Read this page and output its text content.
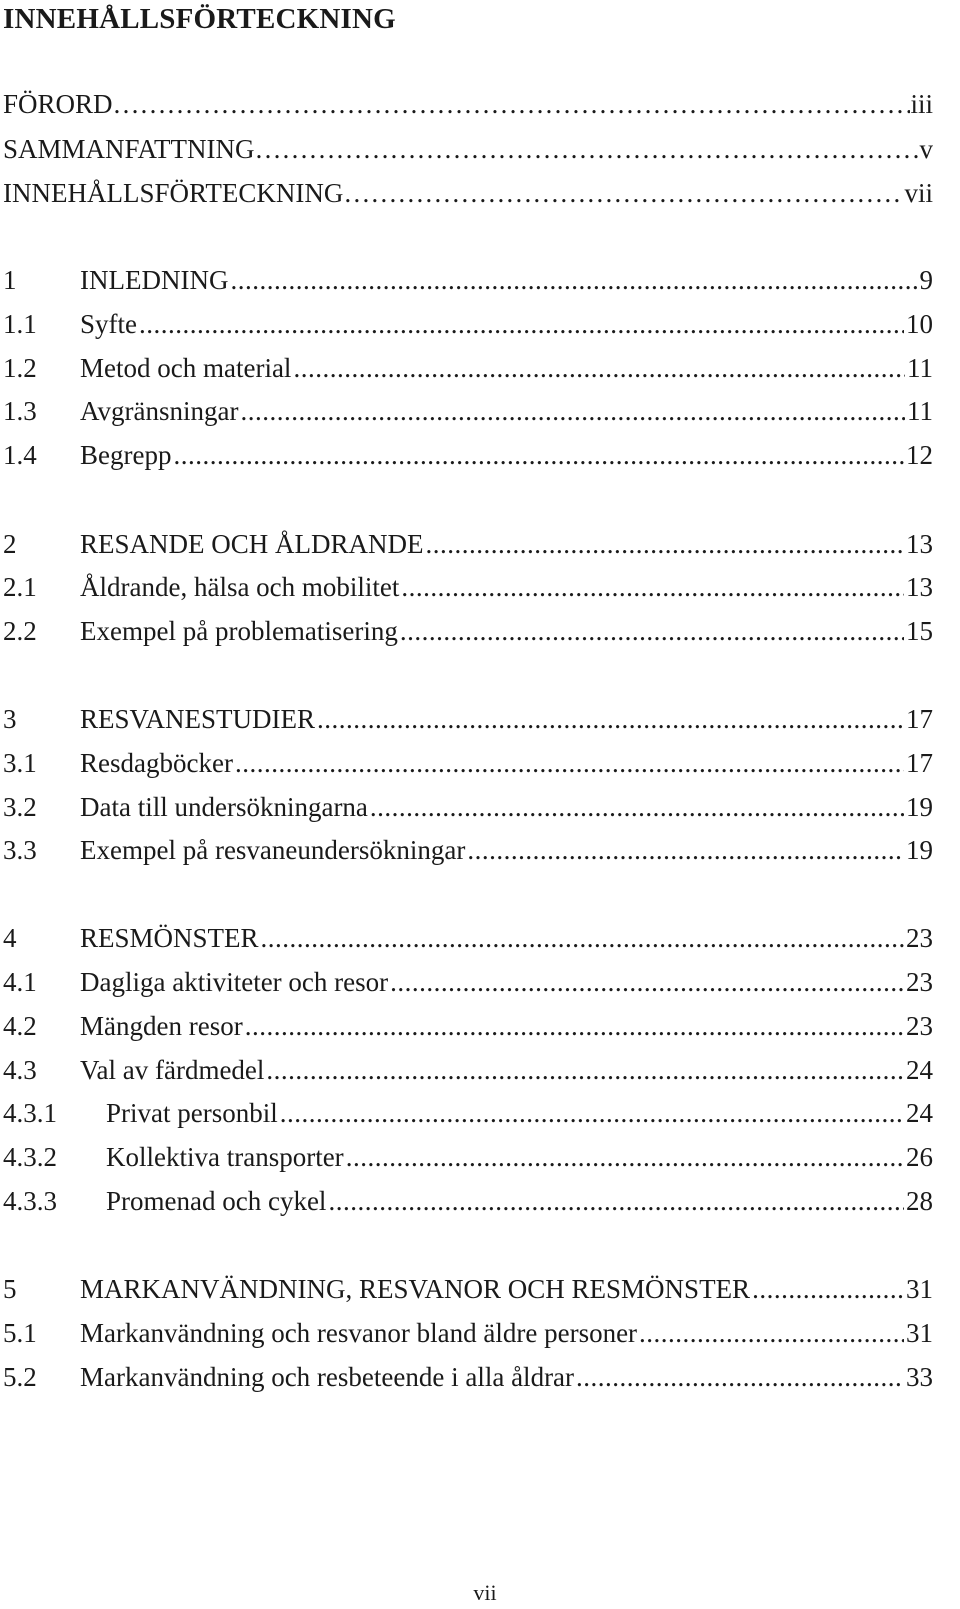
INNEHÅLLSFÖRTECKNING
FÖRORD …………………………………………………………………………………………………………………………………………………………………………………………………………	iii
SAMMANFATTNING …………………………………………………………………………………………………………………………………………………………………………………………………………	v
INNEHÅLLSFÖRTECKNING …………………………………………………………………………………………………………………………………………………………………………………………………………	vii
1	INLEDNING .....	9
1.1	Syfte .....	10
1.2	Metod och material .....	11
1.3	Avgränsningar .....	11
1.4	Begrepp .....	12
2	RESANDE OCH ÅLDRANDE .....	13
2.1	Åldrande, hälsa och mobilitet .....	13
2.2	Exempel på problematisering .....	15
3	RESVANESTUDIER .....	17
3.1	Resdagböcker .....	17
3.2	Data till undersökningarna .....	19
3.3	Exempel på resvaneundersökningar .....	19
4	RESMÖNSTER .....	23
4.1	Dagliga aktiviteter och resor .....	23
4.2	Mängden resor .....	23
4.3	Val av färdmedel .....	24
4.3.1	Privat personbil .....	24
4.3.2	Kollektiva transporter .....	26
4.3.3	Promenad och cykel .....	28
5	MARKANVÄNDNING, RESVANOR OCH RESMÖNSTER .....	31
5.1	Markanvändning och resvanor bland äldre personer .....	31
5.2	Markanvändning och resbeteende i alla åldrar .....	33
vii
